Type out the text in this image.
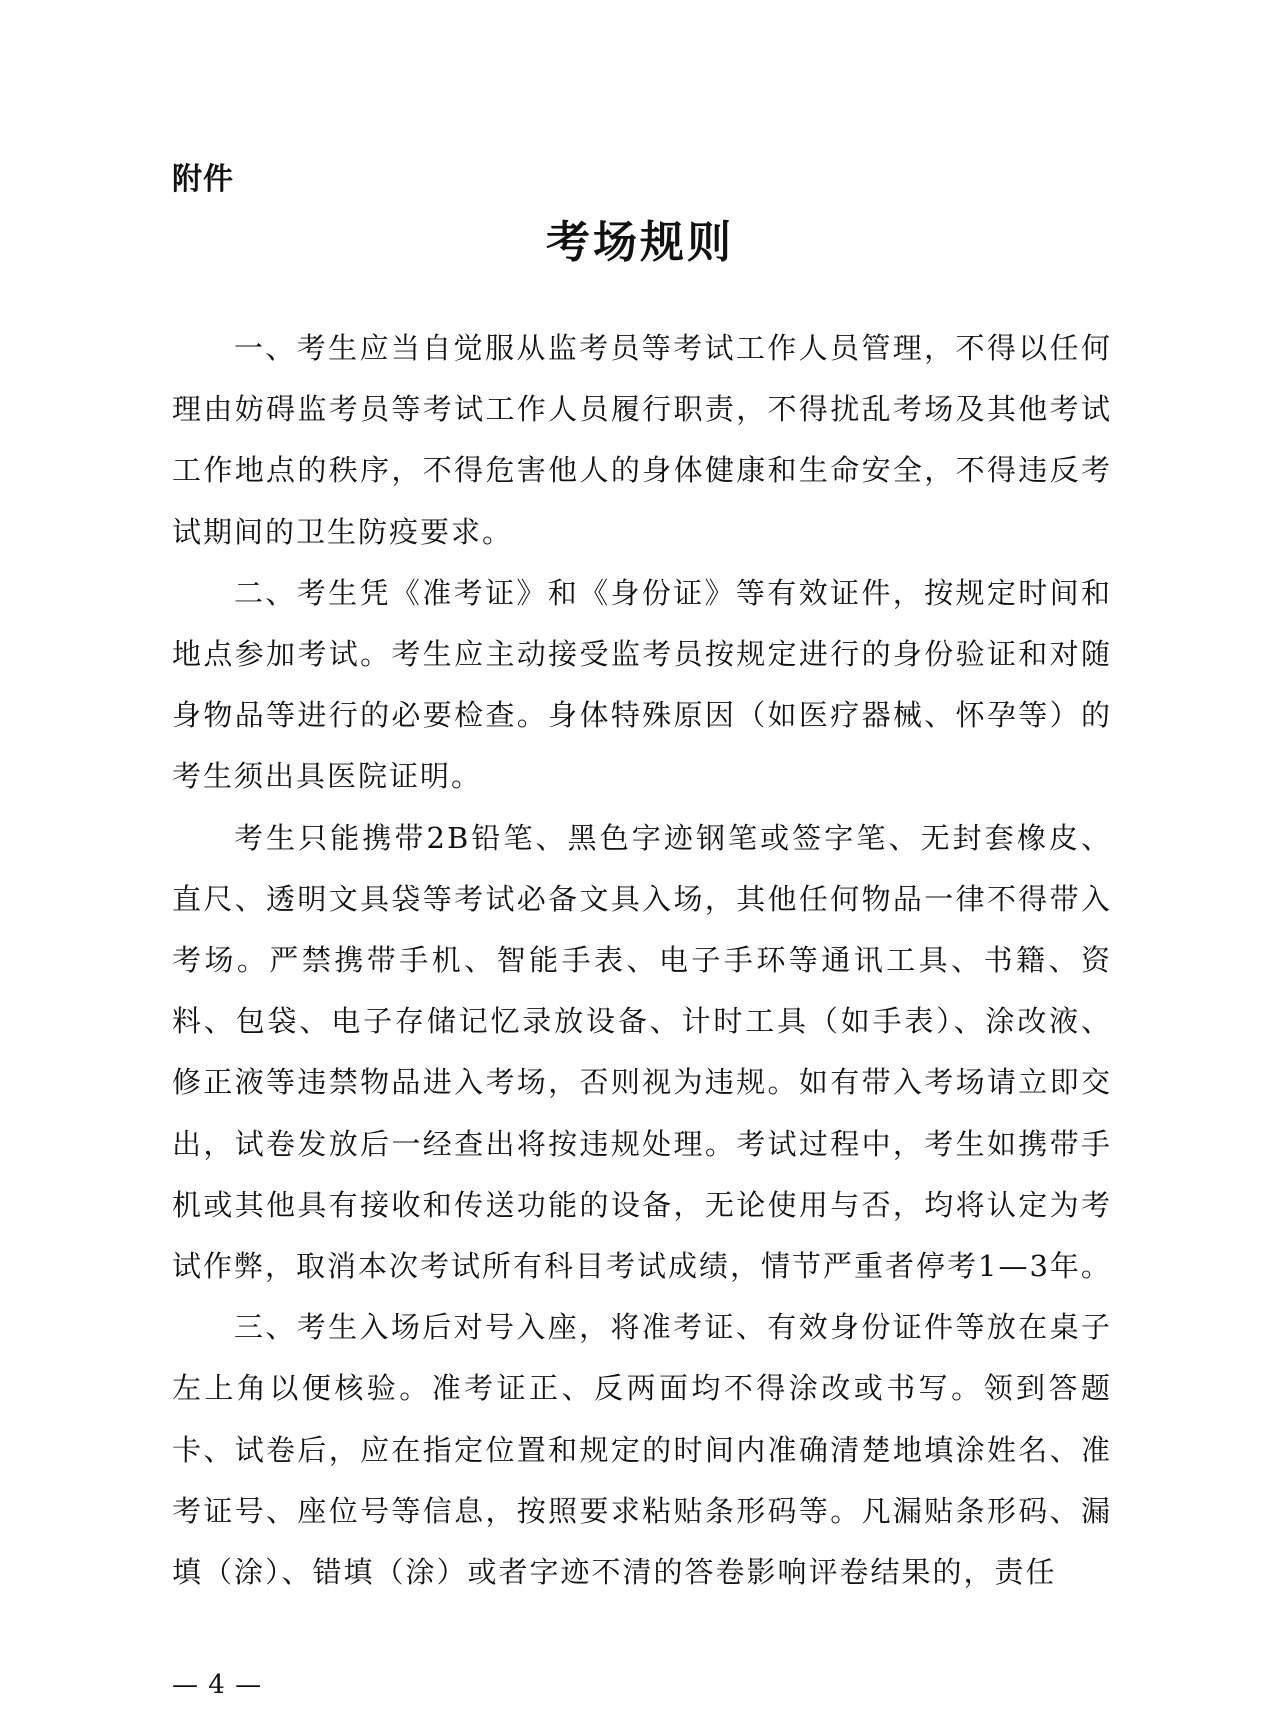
附件
考场规则

一、考生应当自觉服从监考员等考试工作人员管理，不得以任何理由妨碍监考员等考试工作人员履行职责，不得扰乱考场及其他考试工作地点的秩序，不得危害他人的身体健康和生命安全，不得违反考试期间的卫生防疫要求。

二、考生凭《准考证》和《身份证》等有效证件，按规定时间和地点参加考试。考生应主动接受监考员按规定进行的身份验证和对随身物品等进行的必要检查。身体特殊原因（如医疗器械、怀孕等）的考生须出具医院证明。

考生只能携带2B铅笔、黑色字迹钢笔或签字笔、无封套橡皮、直尺、透明文具袋等考试必备文具入场，其他任何物品一律不得带入考场。严禁携带手机、智能手表、电子手环等通讯工具、书籍、资料、包袋、电子存储记忆录放设备、计时工具（如手表）、涂改液、修正液等违禁物品进入考场，否则视为违规。如有带入考场请立即交出，试卷发放后一经查出将按违规处理。考试过程中，考生如携带手机或其他具有接收和传送功能的设备，无论使用与否，均将认定为考试作弊，取消本次考试所有科目考试成绩，情节严重者停考1—3年。

三、考生入场后对号入座，将准考证、有效身份证件等放在桌子左上角以便核验。准考证正、反两面均不得涂改或书写。领到答题卡、试卷后，应在指定位置和规定的时间内准确清楚地填涂姓名、准考证号、座位号等信息，按照要求粘贴条形码等。凡漏贴条形码、漏填（涂）、错填（涂）或者字迹不清的答卷影响评卷结果的，责任

— 4 —
